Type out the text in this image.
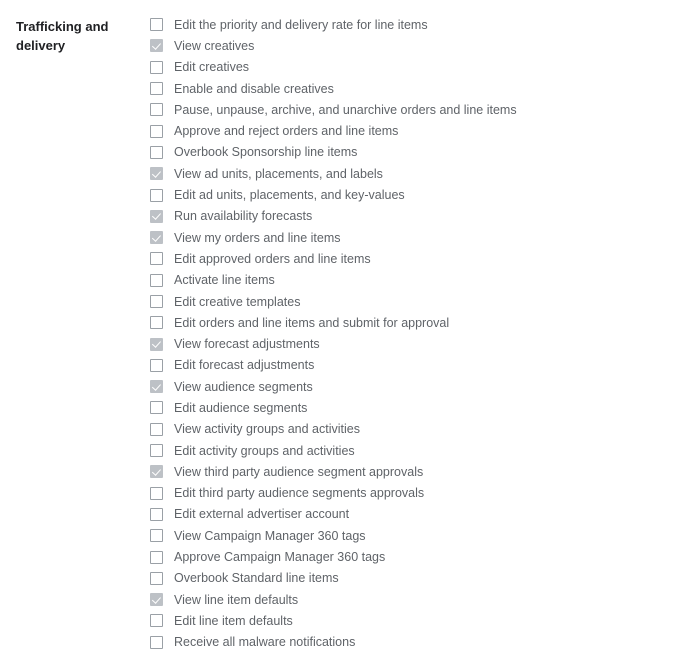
Trafficking and delivery
Edit the priority and delivery rate for line items
View creatives
Edit creatives
Enable and disable creatives
Pause, unpause, archive, and unarchive orders and line items
Approve and reject orders and line items
Overbook Sponsorship line items
View ad units, placements, and labels
Edit ad units, placements, and key-values
Run availability forecasts
View my orders and line items
Edit approved orders and line items
Activate line items
Edit creative templates
Edit orders and line items and submit for approval
View forecast adjustments
Edit forecast adjustments
View audience segments
Edit audience segments
View activity groups and activities
Edit activity groups and activities
View third party audience segment approvals
Edit third party audience segments approvals
Edit external advertiser account
View Campaign Manager 360 tags
Approve Campaign Manager 360 tags
Overbook Standard line items
View line item defaults
Edit line item defaults
Receive all malware notifications
